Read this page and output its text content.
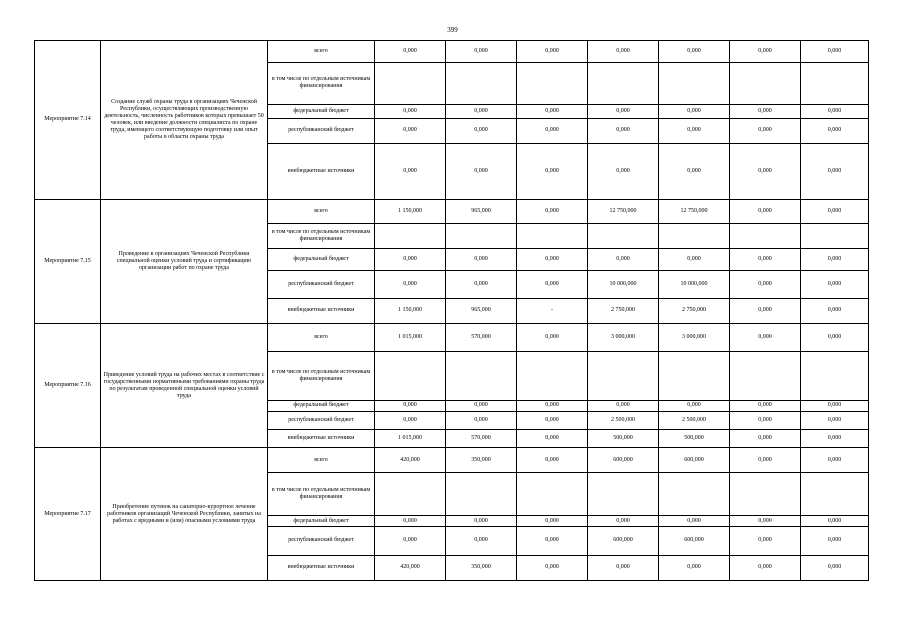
399
Мероприятие 7.14	Создание служб охраны труда в организациях Чеченской Республики, осуществляющих производственную деятельность, численность работников которых превышает 50 человек, или введение должности специалиста по охране труда, имеющего соответствующую подготовку или опыт работы в области охраны труда	всего	0,000	0,000	0,000	0,000	0,000	0,000	0,000
		в том числе по отдельным источникам финансирования							
		федеральный бюджет	0,000	0,000	0,000	0,000	0,000	0,000	0,000
		республиканский бюджет	0,000	0,000	0,000	0,000	0,000	0,000	0,000
		внебюджетные источники	0,000	0,000	0,000	0,000	0,000	0,000	0,000
Мероприятие 7.15	Проведение в организациях Чеченской Республики специальной оценки условий труда и сертификацию организации работ по охране труда	всего	1 150,000	965,000	0,000	12 750,000	12 750,000	0,000	0,000
		в том числе по отдельным источникам финансирования							
		федеральный бюджет	0,000	0,000	0,000	0,000	0,000	0,000	0,000
		республиканский бюджет	0,000	0,000	0,000	10 000,000	10 000,000	0,000	0,000
		внебюджетные источники	1 150,000	965,000	-	2 750,000	2 750,000	0,000	0,000
Мероприятие 7.16	Приведение условий труда на рабочих местах в соответствие с государственными нормативными требованиями охраны труда по результатам проведенной специальной оценки условий труда	всего	1 015,000	570,000	0,000	3 000,000	3 000,000	0,000	0,000
		в том числе по отдельным источникам финансирования							
		федеральный бюджет	0,000	0,000	0,000	0,000	0,000	0,000	0,000
		республиканский бюджет	0,000	0,000	0,000	2 500,000	2 500,000	0,000	0,000
		внебюджетные источники	1 015,000	570,000	0,000	500,000	500,000	0,000	0,000
Мероприятие 7.17	Приобретение путевок на санаторно-курортное лечение работников организаций Чеченской Республики, занятых на работах с вредными и (или) опасными условиями труда	всего	420,000	350,000	0,000	600,000	600,000	0,000	0,000
		в том числе по отдельным источникам финансирования							
		федеральный бюджет	0,000	0,000	0,000	0,000	0,000	0,000	0,000
		республиканский бюджет	0,000	0,000	0,000	600,000	600,000	0,000	0,000
		внебюджетные источники	420,000	350,000	0,000	0,000	0,000	0,000	0,000
